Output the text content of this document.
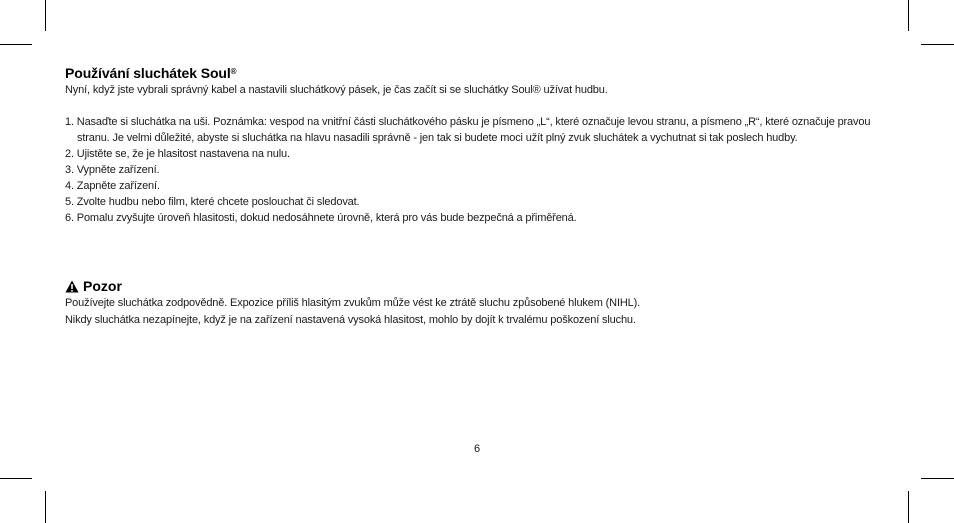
Používání sluchátek Soul®

Nyní, když jste vybrali správný kabel a nastavili sluchátkový pásek, je čas začít si se sluchátky Soul® užívat hudbu.

1. Nasaďte si sluchátka na uši. Poznámka: vespod na vnitřní části sluchátkového pásku je písmeno „L“, které označuje levou stranu, a písmeno „R“, které označuje pravou stranu. Je velmi důležité, abyste si sluchátka na hlavu nasadili správně - jen tak si budete moci užít plný zvuk sluchátek a vychutnat si tak poslech hudby.
2. Ujistěte se, že je hlasitost nastavena na nulu.
3. Vypněte zařízení.
4. Zapněte zařízení.
5. Zvolte hudbu nebo film, které chcete poslouchat či sledovat.
6. Pomalu zvyšujte úroveň hlasitosti, dokud nedosáhnete úrovně, která pro vás bude bezpečná a přiměřená.
Pozor

Používejte sluchátka zodpovědně. Expozice příliš hlasitým zvukům může vést ke ztrátě sluchu způsobené hlukem (NIHL).

Nikdy sluchátka nezapínejte, když je na zařízení nastavená vysoká hlasitost, mohlo by dojít k trvalému poškození sluchu.

6
